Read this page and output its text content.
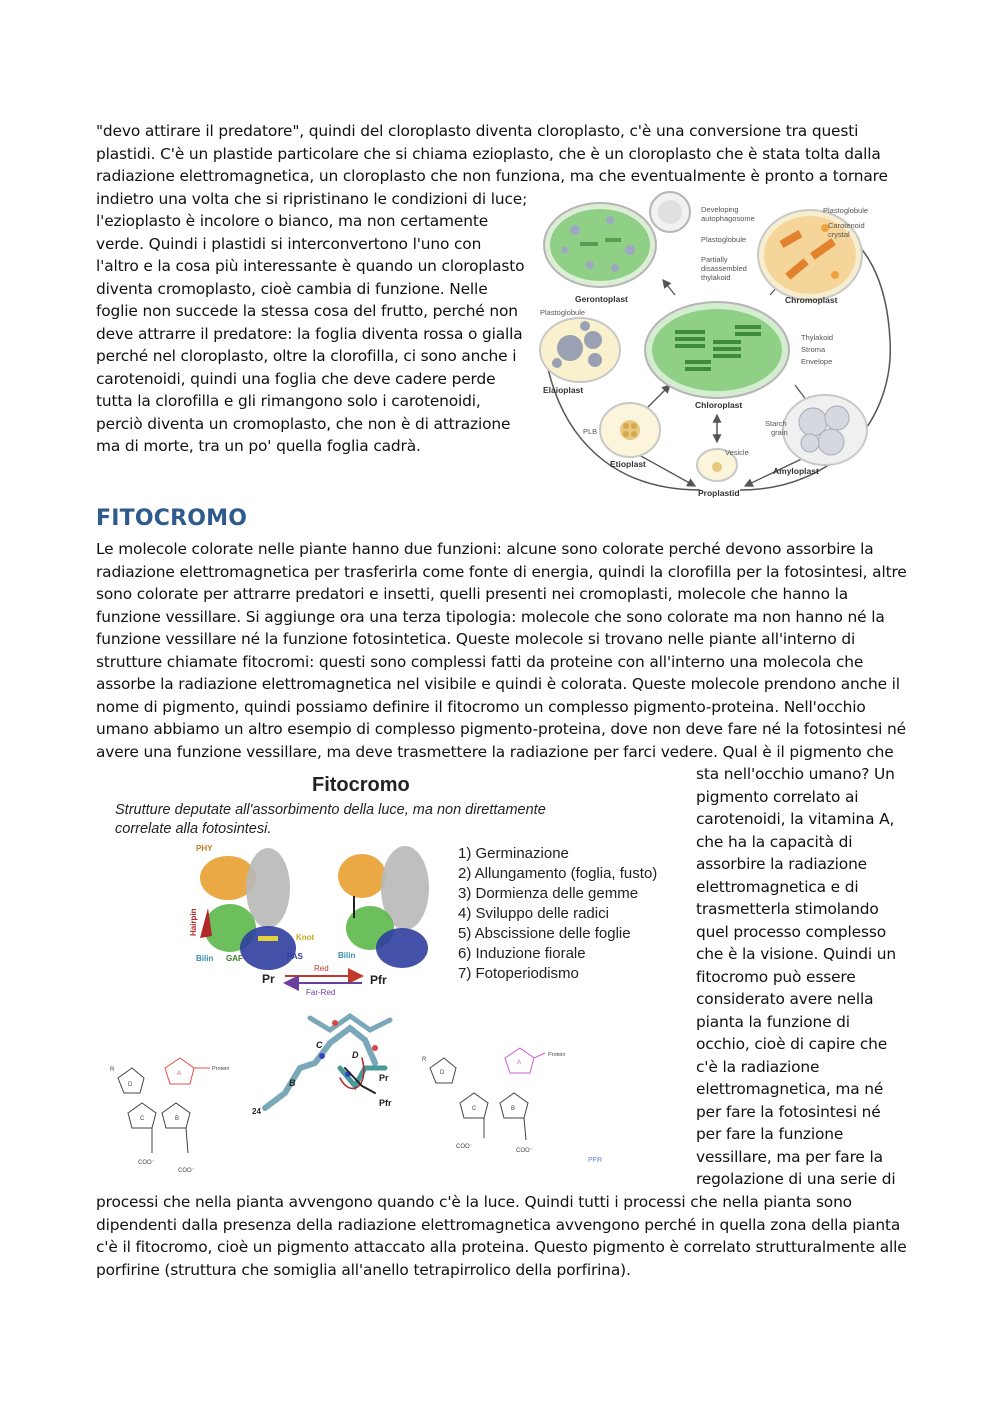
"devo attirare il predatore", quindi del cloroplasto diventa cloroplasto, c'è una conversione tra questi
plastidi. C'è un plastide particolare che si chiama ezioplasto, che è un cloroplasto che è stata tolta dalla
radiazione elettromagnetica, un cloroplasto che non funziona, ma che eventualmente è pronto a tornare
indietro una volta che si ripristinano le condizioni di luce;
l'ezioplasto è incolore o bianco, ma non certamente
verde. Quindi i plastidi si interconvertono l'uno con
l'altro e la cosa più interessante è quando un cloroplasto
diventa cromoplasto, cioè cambia di funzione. Nelle
foglie non succede la stessa cosa del frutto, perché non
deve attrarre il predatore: la foglia diventa rossa o gialla
perché nel cloroplasto, oltre la clorofilla, ci sono anche i
carotenoidi, quindi una foglia che deve cadere perde
tutta la clorofilla e gli rimangono solo i carotenoidi,
perciò diventa un cromoplasto, che non è di attrazione
ma di morte, tra un po' quella foglia cadrà.
Gerontoplast
Developing
autophagosome
Plastoglobule
Partially
disassembled
thylakoid
Chromoplast
Plastoglobule
Carotenoid
crystal
Chloroplast
Thylakoid
Stroma
Envelope
Plastoglobule
Elaioplast
PLB
Etioplast
Vesicle
Proplastid
Starch
grain
Amyloplast
FITOCROMO
Le molecole colorate nelle piante hanno due funzioni: alcune sono colorate perché devono assorbire la
radiazione elettromagnetica per trasferirla come fonte di energia, quindi la clorofilla per la fotosintesi, altre
sono colorate per attrarre predatori e insetti, quelli presenti nei cromoplasti, molecole che hanno la
funzione vessillare. Si aggiunge ora una terza tipologia: molecole che sono colorate ma non hanno né la
funzione vessillare né la funzione fotosintetica. Queste molecole si trovano nelle piante all'interno di
strutture chiamate fitocromi: questi sono complessi fatti da proteine con all'interno una molecola che
assorbe la radiazione elettromagnetica nel visibile e quindi è colorata. Queste molecole prendono anche il
nome di pigmento, quindi possiamo definire il fitocromo un complesso pigmento-proteina. Nell'occhio
umano abbiamo un altro esempio di complesso pigmento-proteina, dove non deve fare né la fotosintesi né
avere una funzione vessillare, ma deve trasmettere la radiazione per farci vedere. Qual è il pigmento che
sta nell'occhio umano? Un
pigmento correlato ai
carotenoidi, la vitamina A,
che ha la capacità di
assorbire la radiazione
elettromagnetica e di
trasmetterla stimolando
quel processo complesso
che è la visione. Quindi un
fitocromo può essere
considerato avere nella
pianta la funzione di
occhio, cioè di capire che
c'è la radiazione
elettromagnetica, ma né
per fare la fotosintesi né
per fare la funzione
vessillare, ma per fare la
regolazione di una serie di
processi che nella pianta avvengono quando c'è la luce. Quindi tutti i processi che nella pianta sono
dipendenti dalla presenza della radiazione elettromagnetica avvengono perché in quella zona della pianta
c'è il fitocromo, cioè un pigmento attaccato alla proteina. Questo pigmento è correlato strutturalmente alle
porfirine (struttura che somiglia all'anello tetrapirrolico della porfirina).
Fitocromo
Strutture deputate all'assorbimento della luce, ma non direttamente
correlate alla fotosintesi.
PHY
Hairpin
Knot
Bilin GAF	PAS	Bilin
Pr	Pfr
Red
Far-Red
B
C
D
Pr
Pfr
24
R
D
A
C	B
Protein
COO⁻
COO⁻
R
D
A
C	B
Protein
COO⁻
COO⁻
PFR
1) Germinazione
2) Allungamento (foglia, fusto)
3) Dormienza delle gemme
4) Sviluppo delle radici
5) Abscissione delle foglie
6) Induzione fiorale
7) Fotoperiodismo
